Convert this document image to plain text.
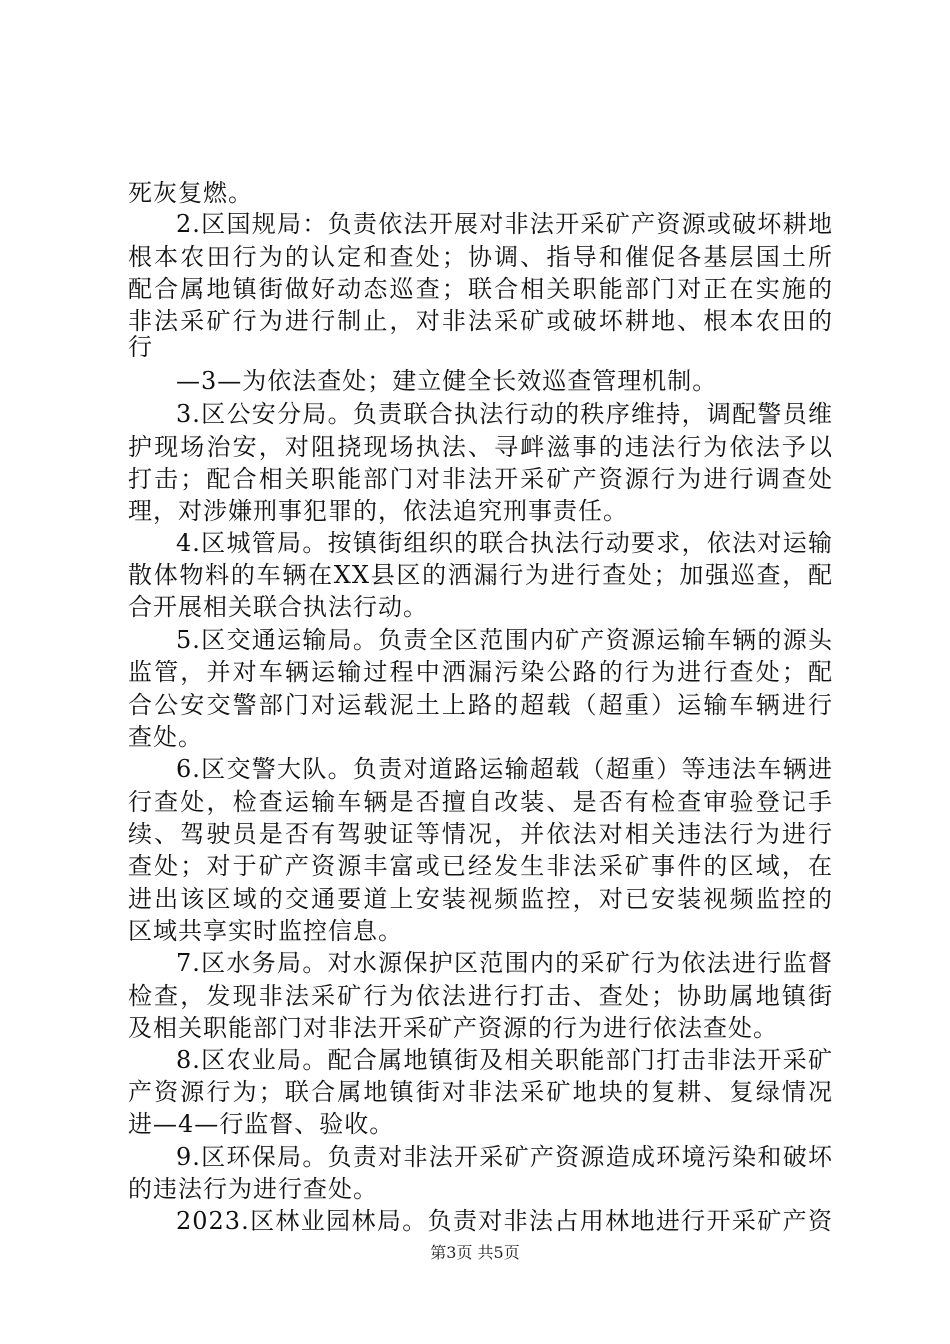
死灰复燃。
2.区国规局：负责依法开展对非法开采矿产资源或破坏耕地
根本农田行为的认定和查处；协调、指导和催促各基层国土所
配合属地镇街做好动态巡查；联合相关职能部门对正在实施的
非法采矿行为进行制止，对非法采矿或破坏耕地、根本农田的
行
—3—为依法查处；建立健全长效巡查管理机制。
3.区公安分局。负责联合执法行动的秩序维持，调配警员维
护现场治安，对阻挠现场执法、寻衅滋事的违法行为依法予以
打击；配合相关职能部门对非法开采矿产资源行为进行调查处
理，对涉嫌刑事犯罪的，依法追究刑事责任。
4.区城管局。按镇街组织的联合执法行动要求，依法对运输
散体物料的车辆在XX县区的洒漏行为进行查处；加强巡查，配
合开展相关联合执法行动。
5.区交通运输局。负责全区范围内矿产资源运输车辆的源头
监管，并对车辆运输过程中洒漏污染公路的行为进行查处；配
合公安交警部门对运载泥土上路的超载（超重）运输车辆进行
查处。
6.区交警大队。负责对道路运输超载（超重）等违法车辆进
行查处，检查运输车辆是否擅自改装、是否有检查审验登记手
续、驾驶员是否有驾驶证等情况，并依法对相关违法行为进行
查处；对于矿产资源丰富或已经发生非法采矿事件的区域，在
进出该区域的交通要道上安装视频监控，对已安装视频监控的
区域共享实时监控信息。
7.区水务局。对水源保护区范围内的采矿行为依法进行监督
检查，发现非法采矿行为依法进行打击、查处；协助属地镇街
及相关职能部门对非法开采矿产资源的行为进行依法查处。
8.区农业局。配合属地镇街及相关职能部门打击非法开采矿
产资源行为；联合属地镇街对非法采矿地块的复耕、复绿情况
进—4—行监督、验收。
9.区环保局。负责对非法开采矿产资源造成环境污染和破坏
的违法行为进行查处。
2023.区林业园林局。负责对非法占用林地进行开采矿产资
第3页 共5页
